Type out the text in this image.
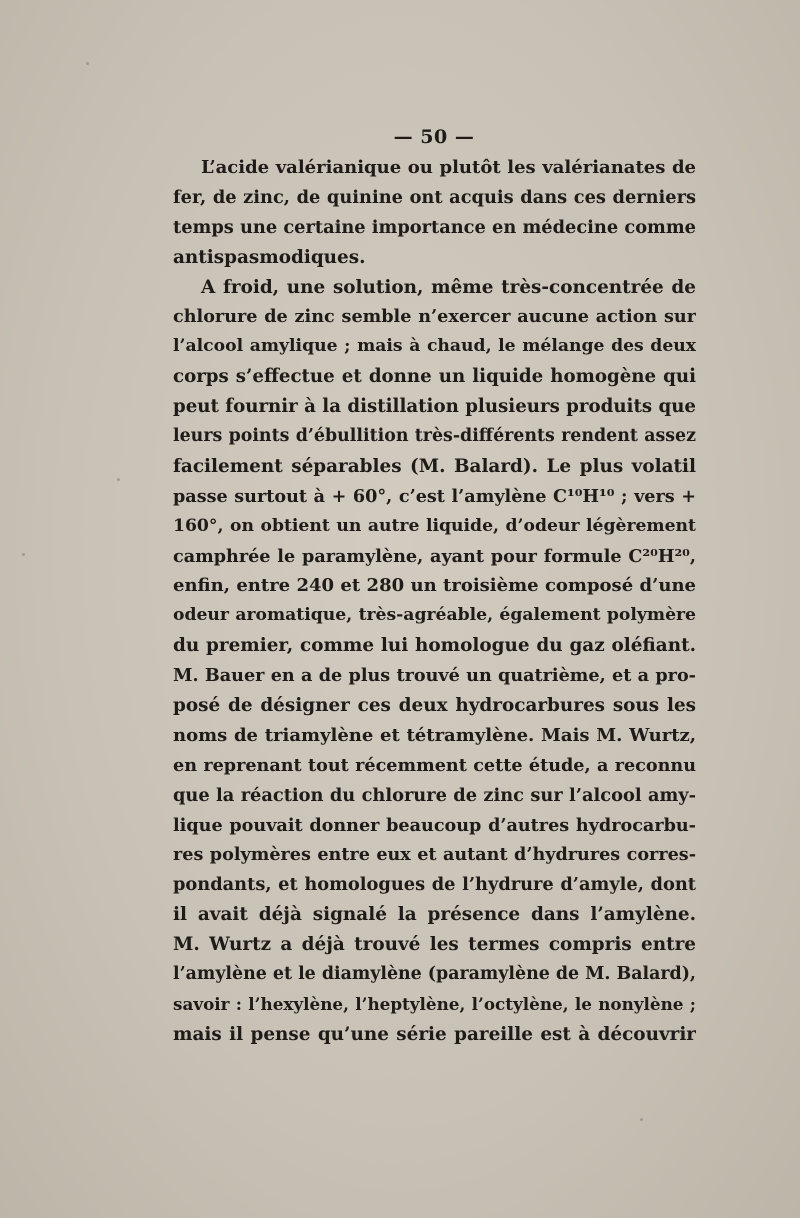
— 50 —
L’acide valérianique ou plutôt les valérianates de
fer, de zinc, de quinine ont acquis dans ces derniers
temps une certaine importance en médecine comme
antispasmodiques.
A froid, une solution, même très-concentrée de
chlorure de zinc semble n’exercer aucune action sur
l’alcool amylique ; mais à chaud, le mélange des deux
corps s’effectue et donne un liquide homogène qui
peut fournir à la distillation plusieurs produits que
leurs points d’ébullition très-différents rendent assez
facilement séparables (M. Balard). Le plus volatil
passe surtout à + 60°, c’est l’amylène C¹⁰H¹⁰ ; vers +
160°, on obtient un autre liquide, d’odeur légèrement
camphrée le paramylène, ayant pour formule C²⁰H²⁰,
enfin, entre 240 et 280 un troisième composé d’une
odeur aromatique, très-agréable, également polymère
du premier, comme lui homologue du gaz oléfiant.
M. Bauer en a de plus trouvé un quatrième, et a pro-
posé de désigner ces deux hydrocarbures sous les
noms de triamylène et tétramylène. Mais M. Wurtz,
en reprenant tout récemment cette étude, a reconnu
que la réaction du chlorure de zinc sur l’alcool amy-
lique pouvait donner beaucoup d’autres hydrocarbu-
res polymères entre eux et autant d’hydrures corres-
pondants, et homologues de l’hydrure d’amyle, dont
il avait déjà signalé la présence dans l’amylène.
M. Wurtz a déjà trouvé les termes compris entre
l’amylène et le diamylène (paramylène de M. Balard),
savoir : l’hexylène, l’heptylène, l’octylène, le nonylène ;
mais il pense qu’une série pareille est à découvrir
